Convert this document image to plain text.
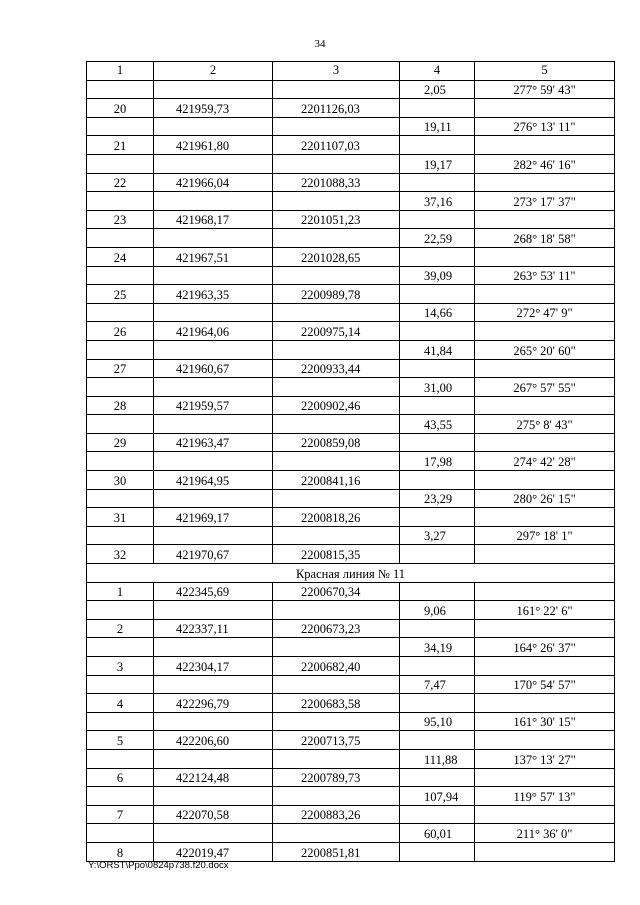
34
1	2	3	4	5
			2,05	277° 59' 43"
20	421959,73	2201126,03		
			19,11	276° 13' 11"
21	421961,80	2201107,03		
			19,17	282° 46' 16"
22	421966,04	2201088,33		
			37,16	273° 17' 37"
23	421968,17	2201051,23		
			22,59	268° 18' 58"
24	421967,51	2201028,65		
			39,09	263° 53' 11"
25	421963,35	2200989,78		
			14,66	272° 47' 9"
26	421964,06	2200975,14		
			41,84	265° 20' 60"
27	421960,67	2200933,44		
			31,00	267° 57' 55"
28	421959,57	2200902,46		
			43,55	275° 8' 43"
29	421963,47	2200859,08		
			17,98	274° 42' 28"
30	421964,95	2200841,16		
			23,29	280° 26' 15"
31	421969,17	2200818,26		
			3,27	297° 18' 1"
32	421970,67	2200815,35		
Красная линия № 11				
1	422345,69	2200670,34		
			9,06	161° 22' 6"
2	422337,11	2200673,23		
			34,19	164° 26' 37"
3	422304,17	2200682,40		
			7,47	170° 54' 57"
4	422296,79	2200683,58		
			95,10	161° 30' 15"
5	422206,60	2200713,75		
			111,88	137° 13' 27"
6	422124,48	2200789,73		
			107,94	119° 57' 13"
7	422070,58	2200883,26		
			60,01	211° 36' 0"
8	422019,47	2200851,81		
Y:\ORST\Ppo\0824p738.f20.docx
